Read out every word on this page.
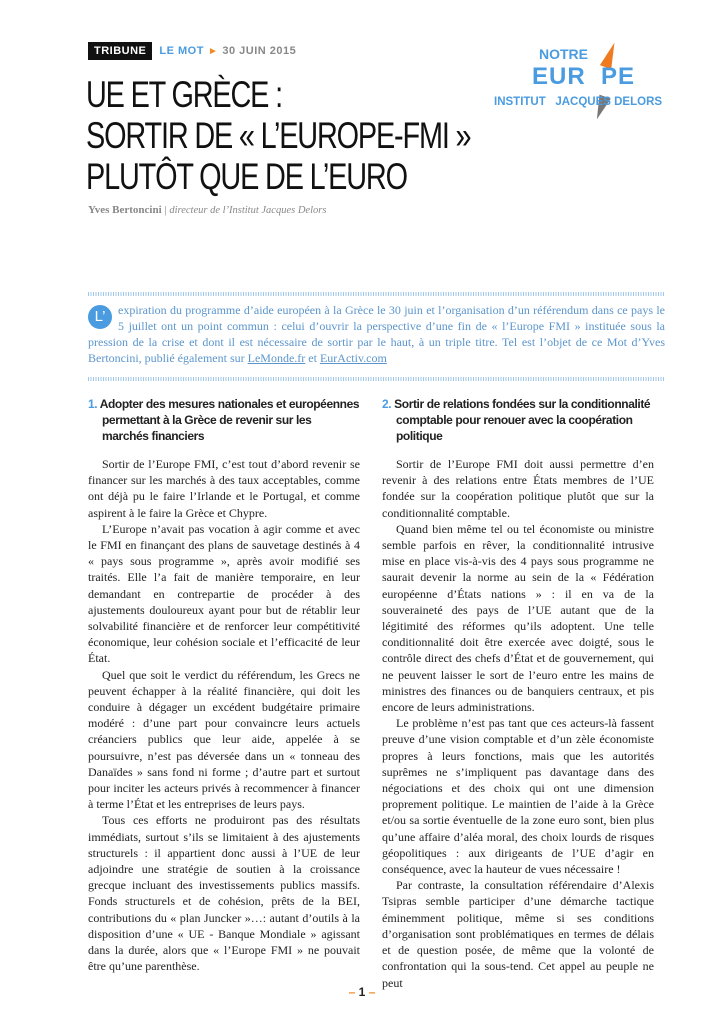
TRIBUNE	LE MOT ► 30 JUIN 2015
UE ET GRÈCE :
SORTIR DE « L’EUROPE-FMI »
PLUTÔT QUE DE L’EURO
Yves Bertoncini | directeur de l’Institut Jacques Delors
NOTRE
EUR  PE
INSTITUT   JACQUES DELORS
L’	expiration du programme d’aide européen à la Grèce le 30 juin et l’organisation d’un référendum dans ce pays le 5 juillet ont un point commun : celui d’ouvrir la perspective d’une fin de « l’Europe FMI » instituée sous la pression de la crise et dont il est nécessaire de sortir par le haut, à un triple titre. Tel est l’objet de ce Mot d’Yves Bertoncini, publié également sur LeMonde.fr et EurActiv.com
1. Adopter des mesures nationales et européennes permettant à la Grèce de revenir sur les marchés financiers

Sortir de l’Europe FMI, c’est tout d’abord revenir se financer sur les marchés à des taux acceptables, comme ont déjà pu le faire l’Irlande et le Portugal, et comme aspirent à le faire la Grèce et Chypre.

L’Europe n’avait pas vocation à agir comme et avec le FMI en finançant des plans de sauvetage destinés à 4 « pays sous programme », après avoir modifié ses traités. Elle l’a fait de manière temporaire, en leur demandant en contrepartie de procéder à des ajustements douloureux ayant pour but de rétablir leur solvabilité financière et de renforcer leur compétitivité économique, leur cohésion sociale et l’efficacité de leur État.

Quel que soit le verdict du référendum, les Grecs ne peuvent échapper à la réalité financière, qui doit les conduire à dégager un excédent budgétaire primaire modéré : d’une part pour convaincre leurs actuels créanciers publics que leur aide, appelée à se poursuivre, n’est pas déversée dans un « tonneau des Danaïdes » sans fond ni forme ; d’autre part et surtout pour inciter les acteurs privés à recommencer à financer à terme l’État et les entreprises de leurs pays.

Tous ces efforts ne produiront pas des résultats immédiats, surtout s’ils se limitaient à des ajustements structurels : il appartient donc aussi à l’UE de leur adjoindre une stratégie de soutien à la croissance grecque incluant des investissements publics massifs. Fonds structurels et de cohésion, prêts de la BEI, contributions du « plan Juncker »…: autant d’outils à la disposition d’une « UE - Banque Mondiale » agissant dans la durée, alors que « l’Europe FMI » ne pouvait être qu’une parenthèse.

2. Sortir de relations fondées sur la conditionnalité comptable pour renouer avec la coopération politique

Sortir de l’Europe FMI doit aussi permettre d’en revenir à des relations entre États membres de l’UE fondée sur la coopération politique plutôt que sur la conditionnalité comptable.

Quand bien même tel ou tel économiste ou ministre semble parfois en rêver, la conditionnalité intrusive mise en place vis-à-vis des 4 pays sous programme ne saurait devenir la norme au sein de la « Fédération européenne d’États nations » : il en va de la souveraineté des pays de l’UE autant que de la légitimité des réformes qu’ils adoptent. Une telle conditionnalité doit être exercée avec doigté, sous le contrôle direct des chefs d’État et de gouvernement, qui ne peuvent laisser le sort de l’euro entre les mains de ministres des finances ou de banquiers centraux, et pis encore de leurs administrations.

Le problème n’est pas tant que ces acteurs-là fassent preuve d’une vision comptable et d’un zèle économiste propres à leurs fonctions, mais que les autorités suprêmes ne s’impliquent pas davantage dans des négociations et des choix qui ont une dimension proprement politique. Le maintien de l’aide à la Grèce et/ou sa sortie éventuelle de la zone euro sont, bien plus qu’une affaire d’aléa moral, des choix lourds de risques géopolitiques : aux dirigeants de l’UE d’agir en conséquence, avec la hauteur de vues nécessaire !

Par contraste, la consultation référendaire d’Alexis Tsipras semble participer d’une démarche tactique éminemment politique, même si ses conditions d’organisation sont problématiques en termes de délais et de question posée, de même que la volonté de confrontation qui la sous-tend. Cet appel au peuple ne peut

– 1 –
